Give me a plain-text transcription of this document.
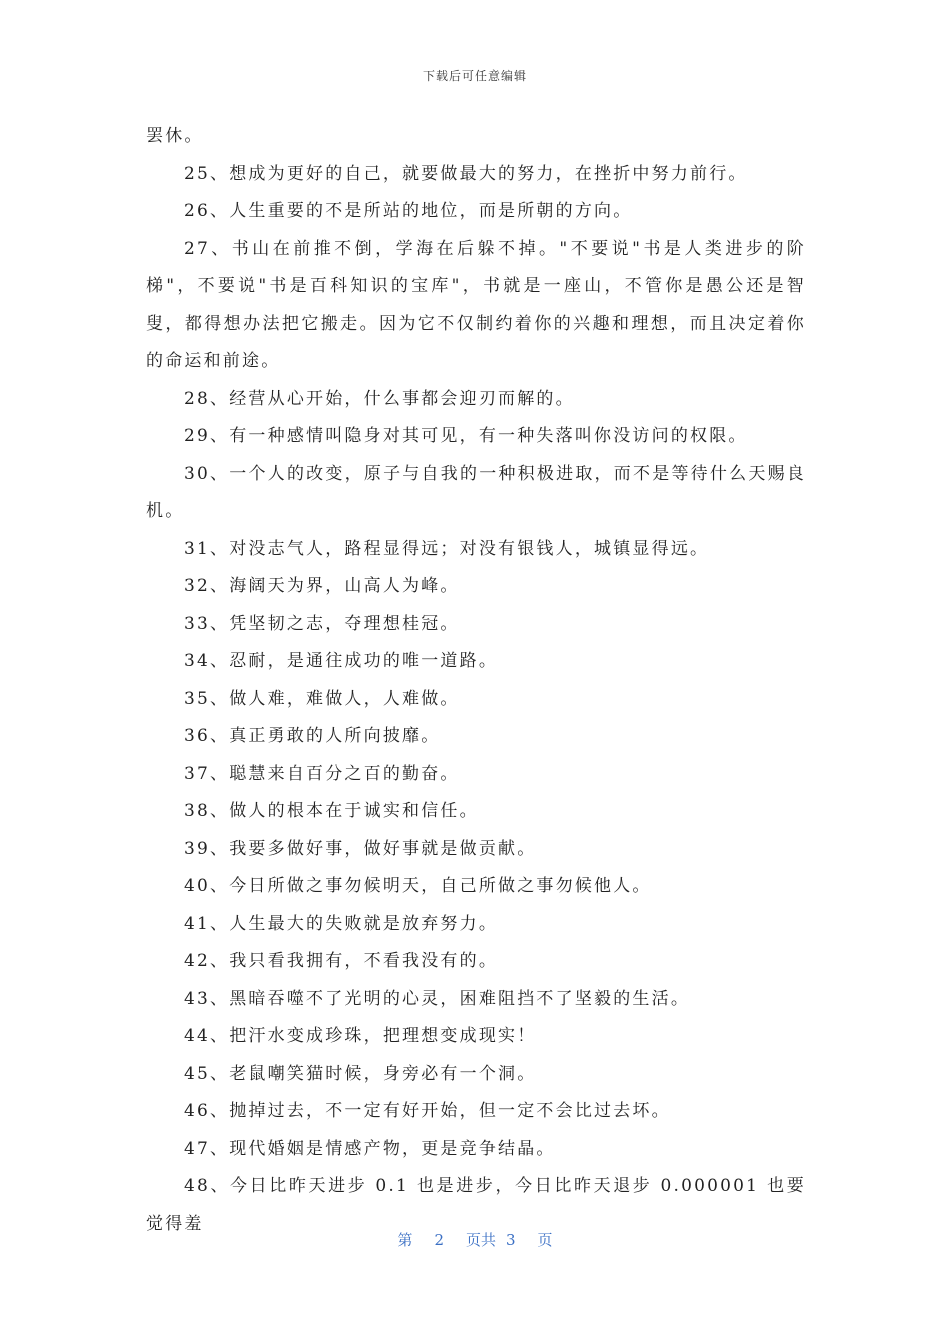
下载后可任意编辑

罢休。

25、想成为更好的自己，就要做最大的努力，在挫折中努力前行。

26、人生重要的不是所站的地位，而是所朝的方向。

27、书山在前推不倒，学海在后躲不掉。"不要说"书是人类进步的阶梯"，不要说"书是百科知识的宝库"，书就是一座山，不管你是愚公还是智叟，都得想办法把它搬走。因为它不仅制约着你的兴趣和理想，而且决定着你的命运和前途。

28、经营从心开始，什么事都会迎刃而解的。

29、有一种感情叫隐身对其可见，有一种失落叫你没访问的权限。

30、一个人的改变，原子与自我的一种积极进取，而不是等待什么天赐良机。

31、对没志气人，路程显得远；对没有银钱人，城镇显得远。

32、海阔天为界，山高人为峰。

33、凭坚韧之志，夺理想桂冠。

34、忍耐，是通往成功的唯一道路。

35、做人难，难做人，人难做。

36、真正勇敢的人所向披靡。

37、聪慧来自百分之百的勤奋。

38、做人的根本在于诚实和信任。

39、我要多做好事，做好事就是做贡献。

40、今日所做之事勿候明天，自己所做之事勿候他人。

41、人生最大的失败就是放弃努力。

42、我只看我拥有，不看我没有的。

43、黑暗吞噬不了光明的心灵，困难阻挡不了坚毅的生活。

44、把汗水变成珍珠，把理想变成现实！

45、老鼠嘲笑猫时候，身旁必有一个洞。

46、抛掉过去，不一定有好开始，但一定不会比过去坏。

47、现代婚姻是情感产物，更是竞争结晶。

48、今日比昨天进步 0.1 也是进步，今日比昨天退步 0.000001 也要觉得羞

第 2 页共 3 页
